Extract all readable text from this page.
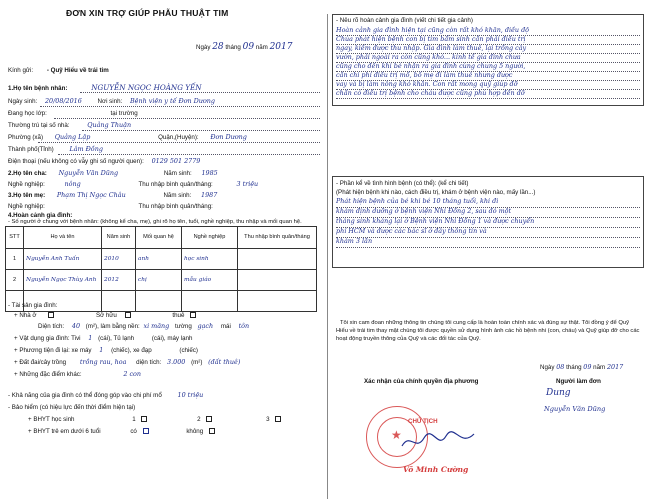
ĐƠN XIN TRỢ GIÚP PHẪU THUẬT TIM
Ngày 28 tháng 09 năm 2017
Kính gửi: - Quỹ Hiểu về trái tim
1.Họ tên bệnh nhân:	NGUYỄN NGỌC HOÀNG YẾN
Ngày sinh: 20/08/2016	Nơi sinh: Bệnh viện y tế Đơn Dương
Đang học lớp:	tại trường
Thường trú tại số nhà:	Quảng Thuận
Phường (xã) Quảng Lập	Quận,(Huyện): Đơn Dương
Thành phố(Tỉnh) Lâm Đồng
Điện thoại (nếu không có vẫy ghi số người quen): 0129 501 2779
2.Họ tên cha: Nguyễn Văn Dũng	Năm sinh: 1985
Nghề nghiệp:	nông	Thu nhập bình quân/tháng:	3 triệu
3.Họ tên mẹ: Phạm Thị Ngọc Châu	Năm sinh: 1987
Nghề nghiệp:	Thu nhập bình quân/tháng:
4.Hoàn cảnh gia đình:
- Số người ở chung với bệnh nhân: (không kể cha, mẹ), ghi rõ họ tên, tuổi, nghề nghiệp, thu nhập và mối quan hệ.
STT	Họ và tên	Năm sinh	Mối quan hệ	Nghề nghiệp	Thu nhập bình quân/tháng
1	Nguyễn Anh Tuấn	2010	anh	học sinh	
2	Nguyễn Ngọc Thùy Anh	2012	chị	mẫu giáo	

- Tài sản gia đình:
+ Nhà ở	Sở hữu	thuê
Diện tích: 40 (m²), làm bằng nền: xi măng tường gạch mái tôn
+ Vật dụng gia đình: Tivi 1 (cái), Tủ lạnh	(cái), máy lạnh
+ Phương tiện đi lại: xe máy 1 (chiếc), xe đạp	(chiếc)
+ Đất đai/cây trồng trồng rau, hoa diện tích: 3.000 (m²) (đất thuê)
+ Những đặc điểm khác:	2 con
- Khả năng của gia đình có thể đóng góp vào chi phí mổ 10 triệu
- Bảo hiểm (có hiệu lực đến thời điểm hiện tại)
+ BHYT học sinh	1	2	3
+ BHYT trẻ em dưới 6 tuổi	có	không
- Nêu rõ hoàn cảnh gia đình (viết chi tiết gia cảnh)
Hoàn cảnh gia đình hiện tại cũng còn rất khó khăn, điều độ
Chúa phát hiện bệnh con bị tim bẩm sinh cần phải điều trị
ngay, kiếm được thu nhập. Gia đình làm thuê, lại trồng cây
vườn, phải ngoài ra còn cũng khó... kinh tế gia đình chưa
cũng cho đến khi bé nhận ra gia đình cùng chung 5 người,
cần chi phí điều trị mổ, bố mẹ đi làm thuê nhưng được
vay và bị làm nông khó khăn. Con rất mong quỹ giúp đỡ
chẩn có điều trị bệnh cho cháu được cũng phù hợp đến đỡ
- Phần kể về tình hình bệnh (có thể): (kể chi tiết)
(Phát hiện bệnh khi nào, cách điều trị, khám ở bệnh viện nào, mấy lần...)
Phát hiện bệnh của bé khi bé 10 tháng tuổi, khi đi
khám định dưỡng ở bệnh viện Nhi Đồng 2, sau đó một
tháng sinh kháng lại ở Bệnh viện Nhi Đồng 1 và được chuyển
phí HCM và được các bác sĩ ở đây thông tin và
khám 3 lần
Tôi xin cam đoan những thông tin chúng tôi cung cấp là hoàn toàn chính xác và đúng sự thật. Tôi đồng ý để Quỹ Hiểu về trái tim thay mặt chúng tôi được quyền sử dụng hình ảnh các hồ bệnh nhi (con, cháu) và Quỹ giúp đỡ cho các hoạt động truyền thông của Quỹ và các đối tác của Quỹ.
Ngày 08 tháng 09 năm 2017
Xác nhận của chính quyền địa phương	Người làm đơn
★
CHỦ TỊCH
Võ Minh Cường
Dung
Nguyễn Văn Dũng
